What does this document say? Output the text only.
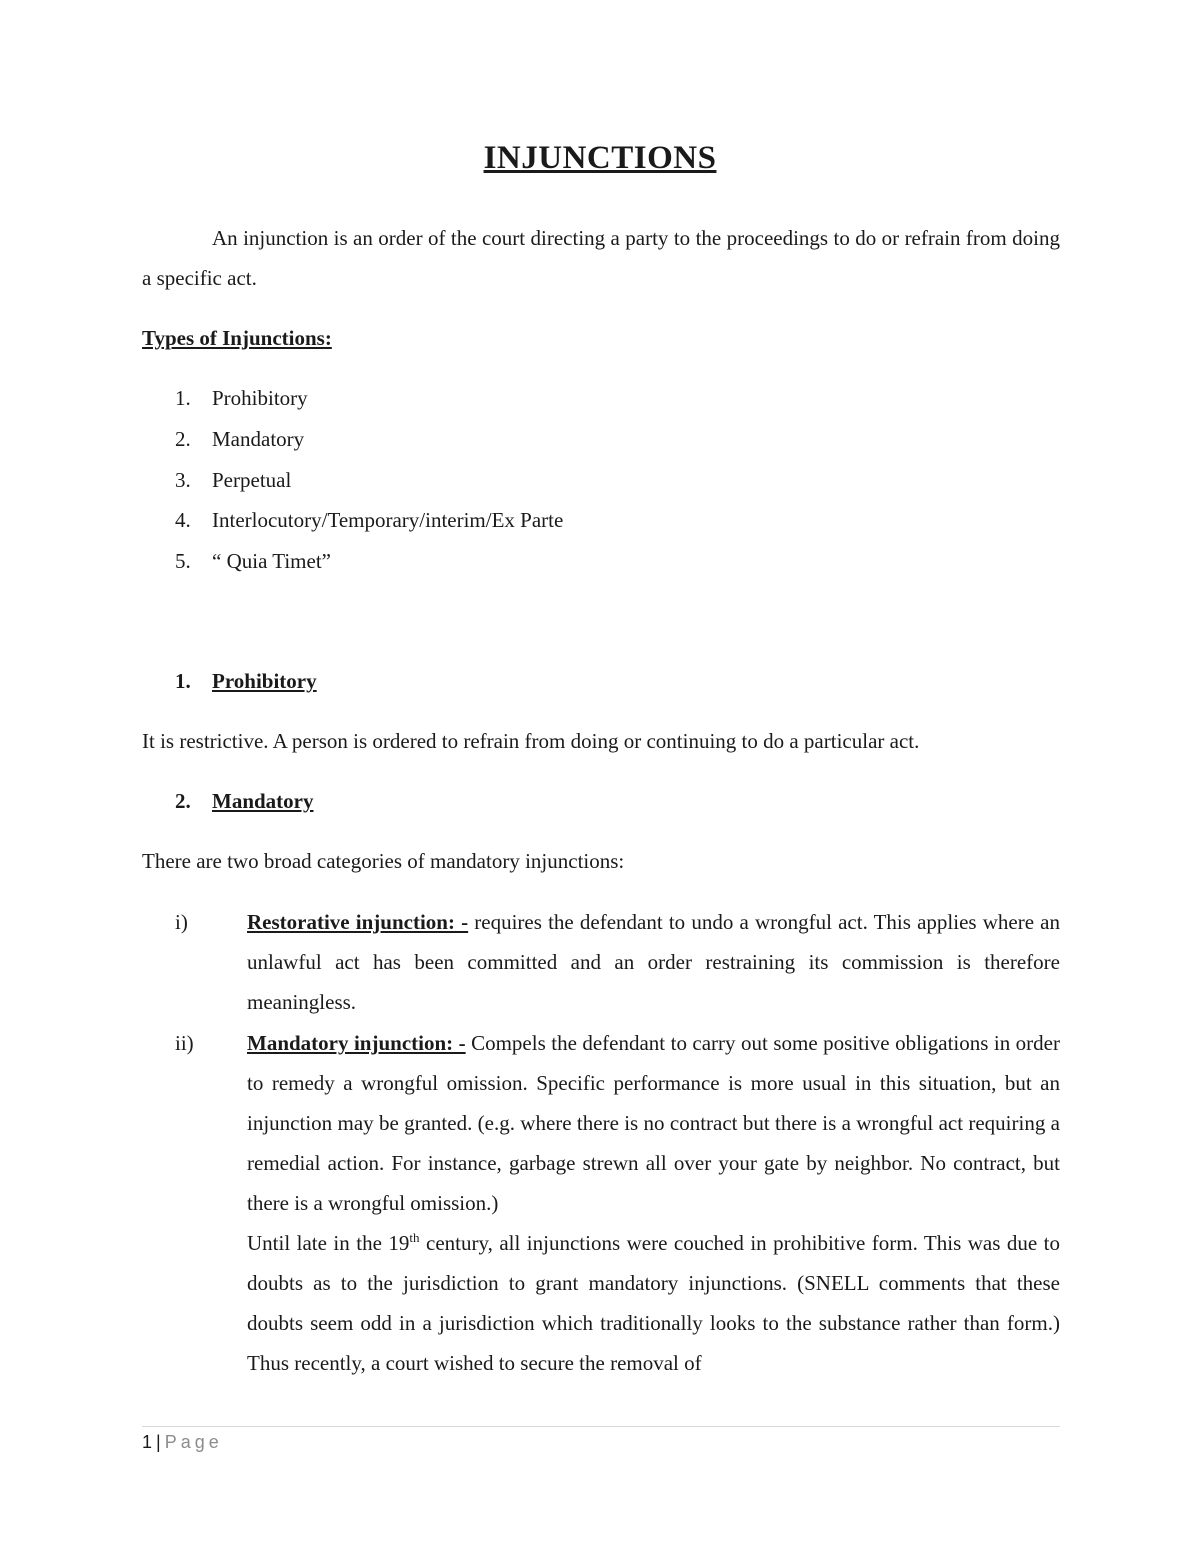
INJUNCTIONS
An injunction is an order of the court directing a party to the proceedings to do or refrain from doing a specific act.
Types of Injunctions:
1. Prohibitory
2. Mandatory
3. Perpetual
4. Interlocutory/Temporary/interim/Ex Parte
5. “ Quia Timet”
1. Prohibitory
It is restrictive. A person is ordered to refrain from doing or continuing to do a particular act.
2. Mandatory
There are two broad categories of mandatory injunctions:
i)	Restorative injunction: - requires the defendant to undo a wrongful act. This applies where an unlawful act has been committed and an order restraining its commission is therefore meaningless.
ii)	Mandatory injunction: - Compels the defendant to carry out some positive obligations in order to remedy a wrongful omission. Specific performance is more usual in this situation, but an injunction may be granted. (e.g. where there is no contract but there is a wrongful act requiring a remedial action. For instance, garbage strewn all over your gate by neighbor. No contract, but there is a wrongful omission.)
Until late in the 19th century, all injunctions were couched in prohibitive form. This was due to doubts as to the jurisdiction to grant mandatory injunctions. (SNELL comments that these doubts seem odd in a jurisdiction which traditionally looks to the substance rather than form.) Thus recently, a court wished to secure the removal of
1 | Page
